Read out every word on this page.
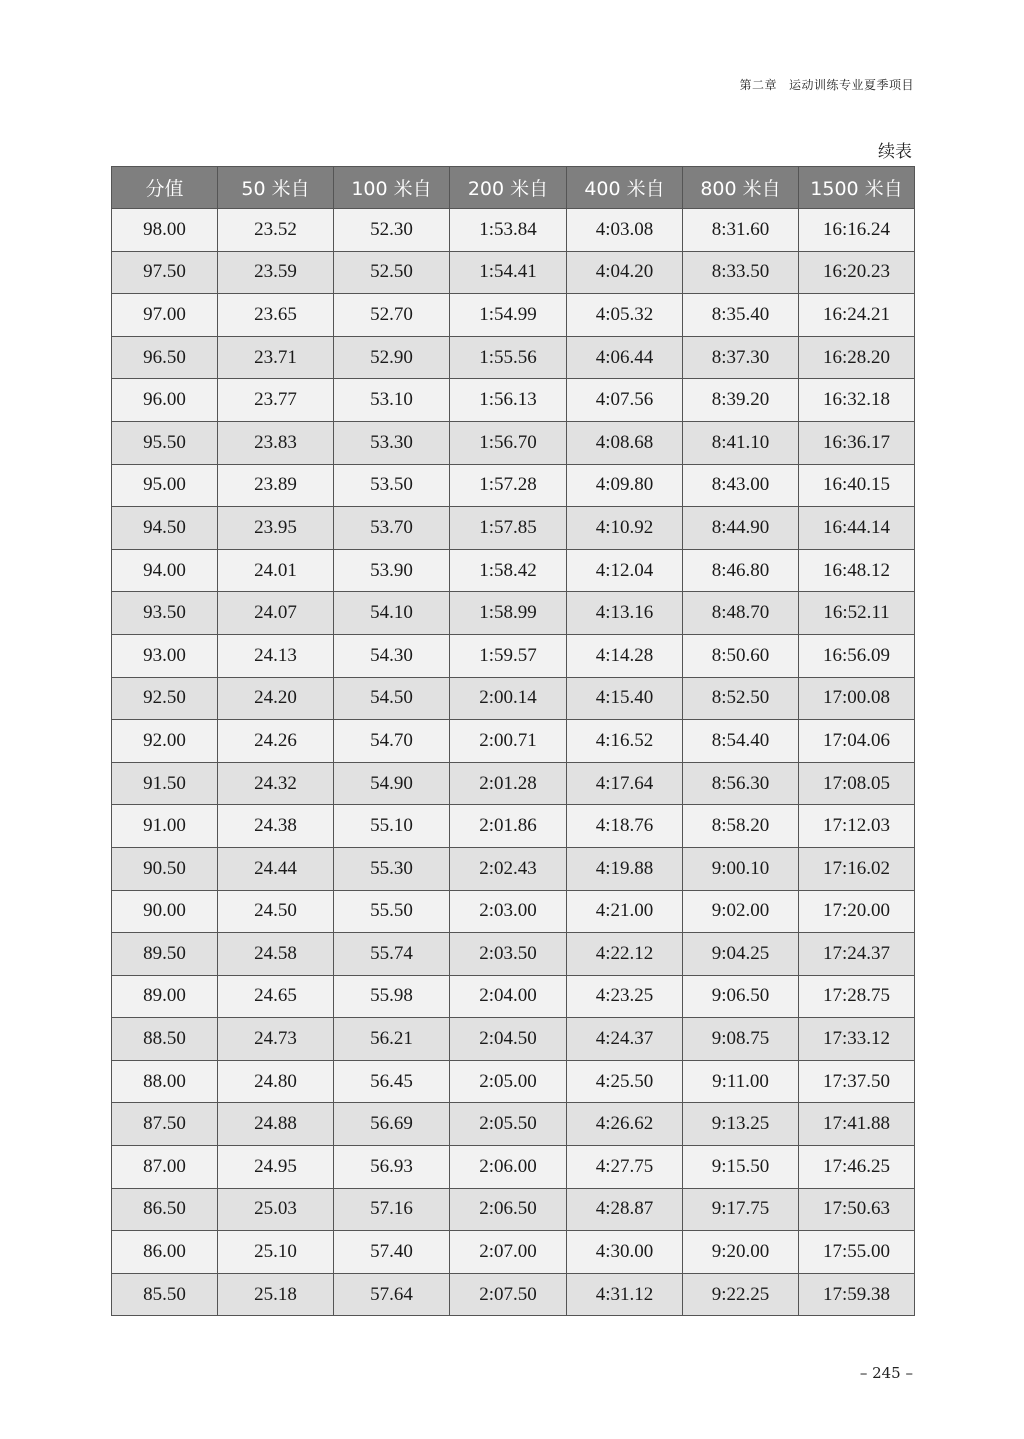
第二章 运动训练专业夏季项目
续表
分值	50 米自	100 米自	200 米自	400 米自	800 米自	1500 米自
98.00	23.52	52.30	1:53.84	4:03.08	8:31.60	16:16.24
97.50	23.59	52.50	1:54.41	4:04.20	8:33.50	16:20.23
97.00	23.65	52.70	1:54.99	4:05.32	8:35.40	16:24.21
96.50	23.71	52.90	1:55.56	4:06.44	8:37.30	16:28.20
96.00	23.77	53.10	1:56.13	4:07.56	8:39.20	16:32.18
95.50	23.83	53.30	1:56.70	4:08.68	8:41.10	16:36.17
95.00	23.89	53.50	1:57.28	4:09.80	8:43.00	16:40.15
94.50	23.95	53.70	1:57.85	4:10.92	8:44.90	16:44.14
94.00	24.01	53.90	1:58.42	4:12.04	8:46.80	16:48.12
93.50	24.07	54.10	1:58.99	4:13.16	8:48.70	16:52.11
93.00	24.13	54.30	1:59.57	4:14.28	8:50.60	16:56.09
92.50	24.20	54.50	2:00.14	4:15.40	8:52.50	17:00.08
92.00	24.26	54.70	2:00.71	4:16.52	8:54.40	17:04.06
91.50	24.32	54.90	2:01.28	4:17.64	8:56.30	17:08.05
91.00	24.38	55.10	2:01.86	4:18.76	8:58.20	17:12.03
90.50	24.44	55.30	2:02.43	4:19.88	9:00.10	17:16.02
90.00	24.50	55.50	2:03.00	4:21.00	9:02.00	17:20.00
89.50	24.58	55.74	2:03.50	4:22.12	9:04.25	17:24.37
89.00	24.65	55.98	2:04.00	4:23.25	9:06.50	17:28.75
88.50	24.73	56.21	2:04.50	4:24.37	9:08.75	17:33.12
88.00	24.80	56.45	2:05.00	4:25.50	9:11.00	17:37.50
87.50	24.88	56.69	2:05.50	4:26.62	9:13.25	17:41.88
87.00	24.95	56.93	2:06.00	4:27.75	9:15.50	17:46.25
86.50	25.03	57.16	2:06.50	4:28.87	9:17.75	17:50.63
86.00	25.10	57.40	2:07.00	4:30.00	9:20.00	17:55.00
85.50	25.18	57.64	2:07.50	4:31.12	9:22.25	17:59.38
– 245 –
